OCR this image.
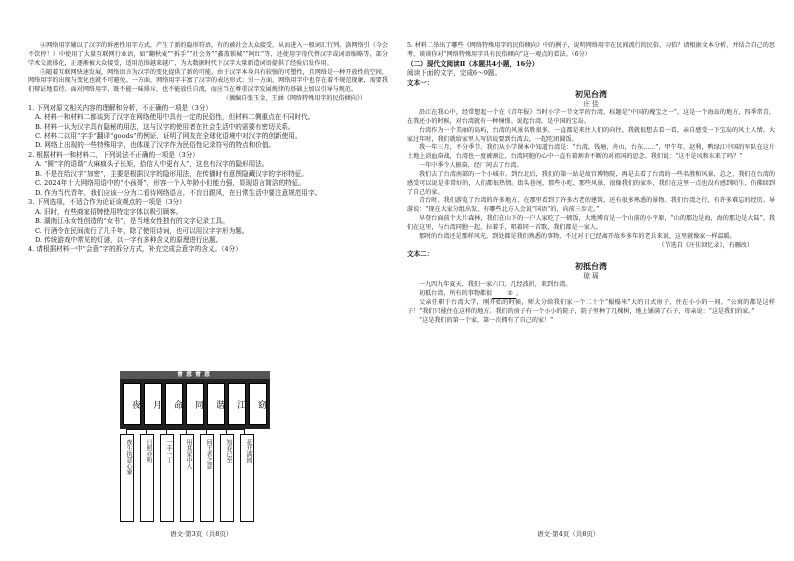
④网络用字辅以了汉字的诉密性用字方式，产生了新的隐形符语，有的被社会大众接受，从而进入一般词汇行列。洛网络引（今会不饮停！）中使用了大量互联网行业语，如“翻秋麦”“拆手”“社会务”“鑫盖锁城”“阿红”等，还使用字母代替汉字或词语缩略等，部分学术交流体化，正逐渐被大众接受，适用范围越来越广，为大数据时代下汉字大量新造词语提供了经验启发作用。

⑤随着互联网快速发展，网络语言为汉字的变化提供了新的可能。由于汉字本身具有较强的可塑性，且网络是一种开放性的空间，网络用字的出现与变化也就不可避免。一方面，网络用字丰富了汉字的表达形式；另一方面，网络用字中也存在着不规范现象，需要我们辩证地看待。面对网络用字，既不能一味排斥，也不能放任自流，而应当在尊重汉字发展规律的基础上加以引导与规范。

（摘编自张玉金、王涵《网络特殊用字的民俗倾向》）

1. 下列对原文相关内容的理解和分析，不正确的一项是（3分）

A. 材料一和材料二都谈到了汉字在网络使用中具有一定的民俗性，但材料二侧重点在不同时代。

B. 材料一认为汉字具有隐秘的用法，这与汉字的使用者在社会生活中的需要有密切关系。

C. 材料二以用“字手”翻译“goods”的例证，证明了网友在全球化语境中对汉字的创新使用。

D. 网络上出现的一些特殊用字，也体现了汉字作为民俗性记录符号的特点和价值。

2. 根据材料一和材料二，下列说法不正确的一项是（3分）

A. “圆”字的语谐“大麻疯头子长矩，拾信人中更有人”，这也有汉字的隐形用法。

B. 不是在给汉字“加密”，主要是根据汉字的隐形用法，在传播时有意图隐藏汉字的字形特征。

C. 2024年十大网络用语中的“小孩哥”，形容一个人年龄小但能力强，显现语言简洁的特征。

D. 作为当代青年，我们应该一分为二看待网络语言，不盲目跟风，在日常生活中要注意规范用字。

3. 下列选项，不适合作为论证该观点的一项是（3分）

A. 旧时，有些商家招牌使用特定字体以吸引顾客。

B. 湖南江永女性创造的“女书”，是当地女性独有的文字记录工具。

C. 行酒令在民间流行了几千年，除了使用诗词，也可以用汉字字形为题。

D. 传统游戏中常见的灯谜，以一字有多种含义的原理进行出题。

4. 请根据材料一中“会意”字的拆分方式，补充完成会意字的含义。（4分）

會意會意
夜	月	命	同	谐	江	窈
夜生执意心寥	日照亦明	一手一丁	用其家中人	问王者之意	知春已至	花开满园
语文·第3页（共8页）

5. 材料二举出了哪些《网络特殊用字的民俗倾向》中的例子，说明网络用字在民间流行的民俗、习俗？请根据文本分析，并结合自己的思考，谈谈你对“网络特殊用字具有民俗倾向”这一观点的看法。（6分）

（二）现代文阅读Ⅱ（本题共4小题，16分）

阅读下面的文字，完成6～9题。

文本一：

初见台湾

庄 佳

沿江在我心中，经常想起一个在《青年报》当时小学一节文字的台湾，标题是“中国的瑰宝之一”。这是一个海岛的地方，四季常青，在我还小的时候，对台湾就有一种憧憬。说起台湾，是中国的宝岛。

台湾作为一个美丽的岛屿，台湾的风景名胜很多，一直都是来往人们的向往。我就很想去看一看，亲自感受一下宝岛的风土人情。大家过年时，我们就给家里人写信说要到台湾去，一起吃团圆饭。

我一年三月，不分季节。我们从小学课本中知道台湾是：“台湾，钱塘，舟山，台东……”，甲午年，赵利，鸭绿江中国的军队在这片土地上浴血奋战，台湾也一度被割让，台湾同胞的心中一直有着割舍不断的对祖国的思念。我们说：“这不是风和东来了吗？”

一年中季令人振奋，经厂间去了台湾。

我们去了台湾南部的一个小城市。到台北后，我们的第一站是故宫博物院，再是去看了台湾的一些名胜和风景，总之，我们在台湾的感受可以说是非常好的，人们都很热情。街头巷尾，那些小吃、那些风景，很像我们的家乡，我们在这里一点也没有感到陌生，仿佛回到了自己的家。

青台时，我们游览了台湾的许多地方，在那里看到了许多古老的建筑，还有很多熟悉的景物。我们台湾之行，有许多难忘的经历。导游说：“现在大家分组出发，有哪些北方人会说“国语”的，向前三步走。”

早登台面前个大片森林，我们在山下的一户人家吃了一顿饭，大地博育是一个山前的小平原，“山的那边是海，海的那边是大陆”。我们在这里，与台湾同胞一起，拉着手，唱着同一首歌，我们都是一家人。

那时的台湾还是那样风光，到处都是我们熟悉的事物，不过对于已经离开故乡多年的老兵来说，这里就像家一样温暖。

（节选自《庄佳回忆录》，有删改）

文本二：

初抵台湾

琼 瑶

一九四九年夏天，我们一家六口，几经波折，来到台湾。

初抵台湾，所有的事物都很	② 。

父亲任职于台湾大学，刚开始的时候，师大分给我们家一个二十个“榻榻米”大的日式房子，住在小小的一间。“公寓的都是这样子！”我们只能住在这样的地方。我们的房子有一个小小的院子，院子里种了几棵树，地上铺满了石子，母亲说：“这是我们的家。”

“这是我们的第一个家，第一次拥有了自己的家！”

语文·第4页（共8页）
